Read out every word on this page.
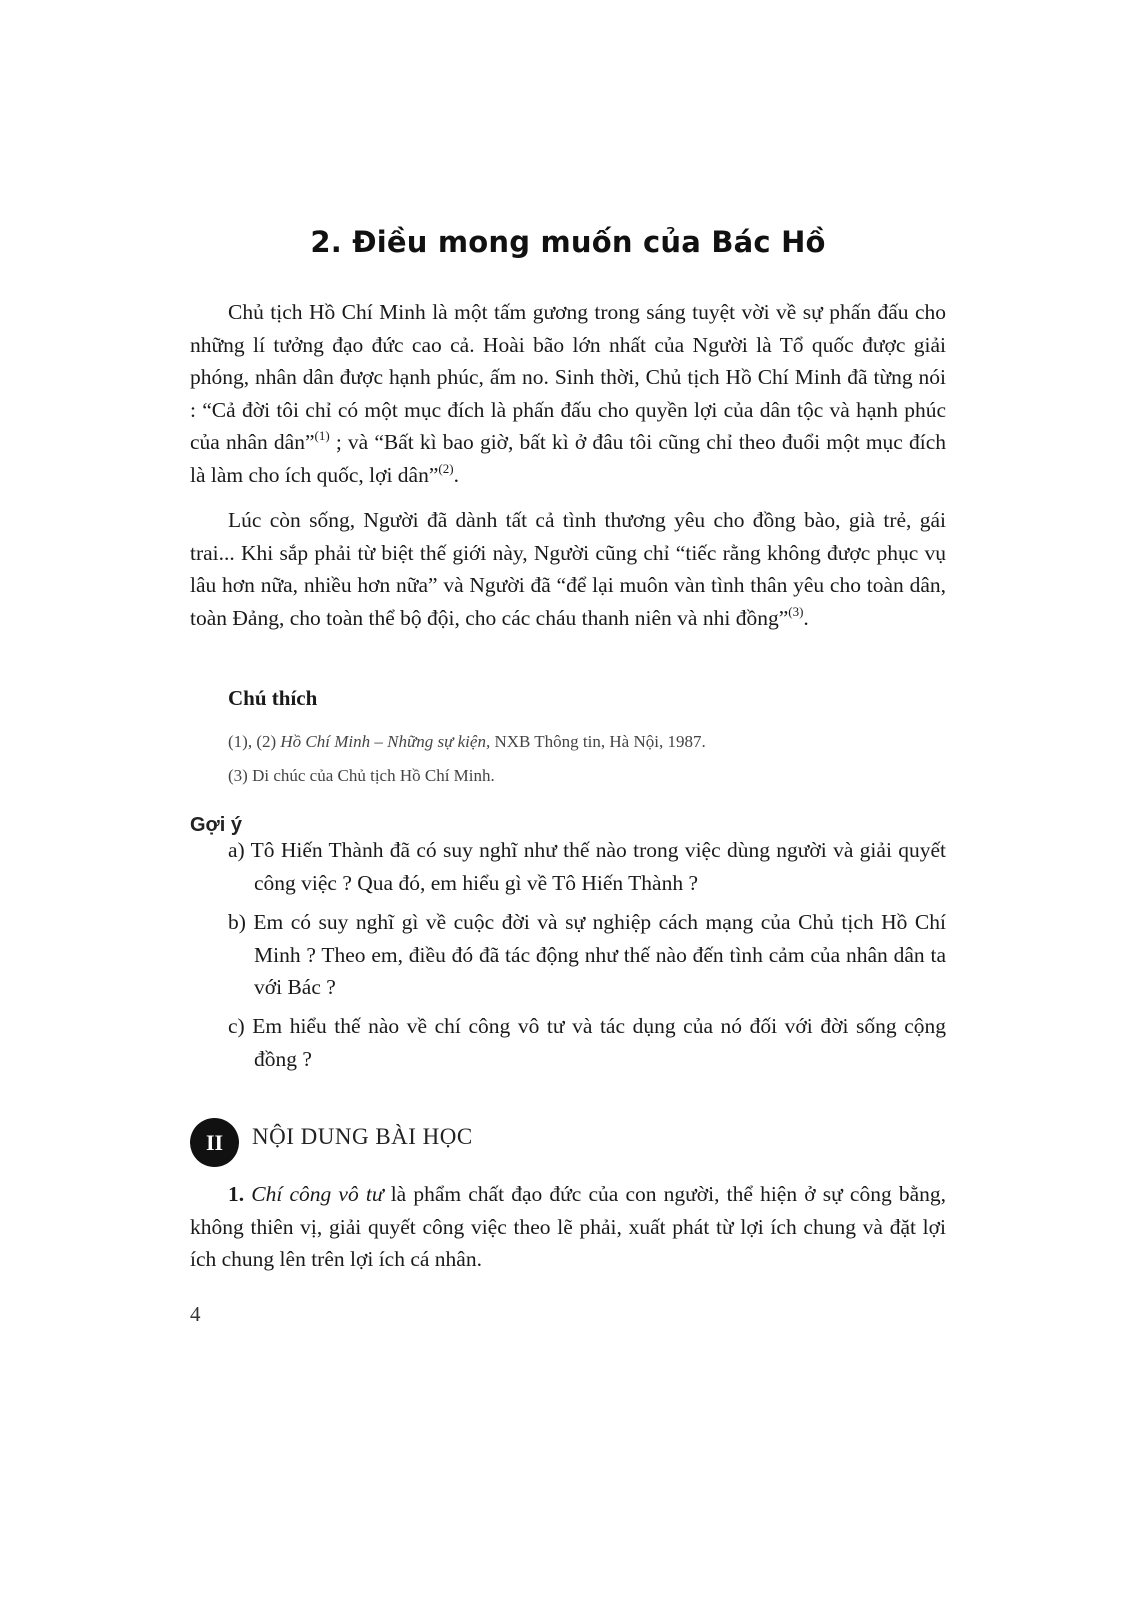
2. Điều mong muốn của Bác Hồ

Chủ tịch Hồ Chí Minh là một tấm gương trong sáng tuyệt vời về sự phấn đấu cho những lí tưởng đạo đức cao cả. Hoài bão lớn nhất của Người là Tổ quốc được giải phóng, nhân dân được hạnh phúc, ấm no. Sinh thời, Chủ tịch Hồ Chí Minh đã từng nói : “Cả đời tôi chỉ có một mục đích là phấn đấu cho quyền lợi của dân tộc và hạnh phúc của nhân dân”$^{(1)}$ ; và “Bất kì bao giờ, bất kì ở đâu tôi cũng chỉ theo đuổi một mục đích là làm cho ích quốc, lợi dân”$^{(2)}$.

Lúc còn sống, Người đã dành tất cả tình thương yêu cho đồng bào, già trẻ, gái trai... Khi sắp phải từ biệt thế giới này, Người cũng chỉ “tiếc rằng không được phục vụ lâu hơn nữa, nhiều hơn nữa” và Người đã “để lại muôn vàn tình thân yêu cho toàn dân, toàn Đảng, cho toàn thể bộ đội, cho các cháu thanh niên và nhi đồng”$^{(3)}$.

Chú thích
(1), (2) Hồ Chí Minh – Những sự kiện, NXB Thông tin, Hà Nội, 1987.
(3) Di chúc của Chủ tịch Hồ Chí Minh.
Gợi ý
a) Tô Hiến Thành đã có suy nghĩ như thế nào trong việc dùng người và giải quyết công việc ? Qua đó, em hiểu gì về Tô Hiến Thành ?
b) Em có suy nghĩ gì về cuộc đời và sự nghiệp cách mạng của Chủ tịch Hồ Chí Minh ? Theo em, điều đó đã tác động như thế nào đến tình cảm của nhân dân ta với Bác ?
c) Em hiểu thế nào về chí công vô tư và tác dụng của nó đối với đời sống cộng đồng ?
II	NỘI DUNG BÀI HỌC

1. Chí công vô tư là phẩm chất đạo đức của con người, thể hiện ở sự công bằng, không thiên vị, giải quyết công việc theo lẽ phải, xuất phát từ lợi ích chung và đặt lợi ích chung lên trên lợi ích cá nhân.

4
